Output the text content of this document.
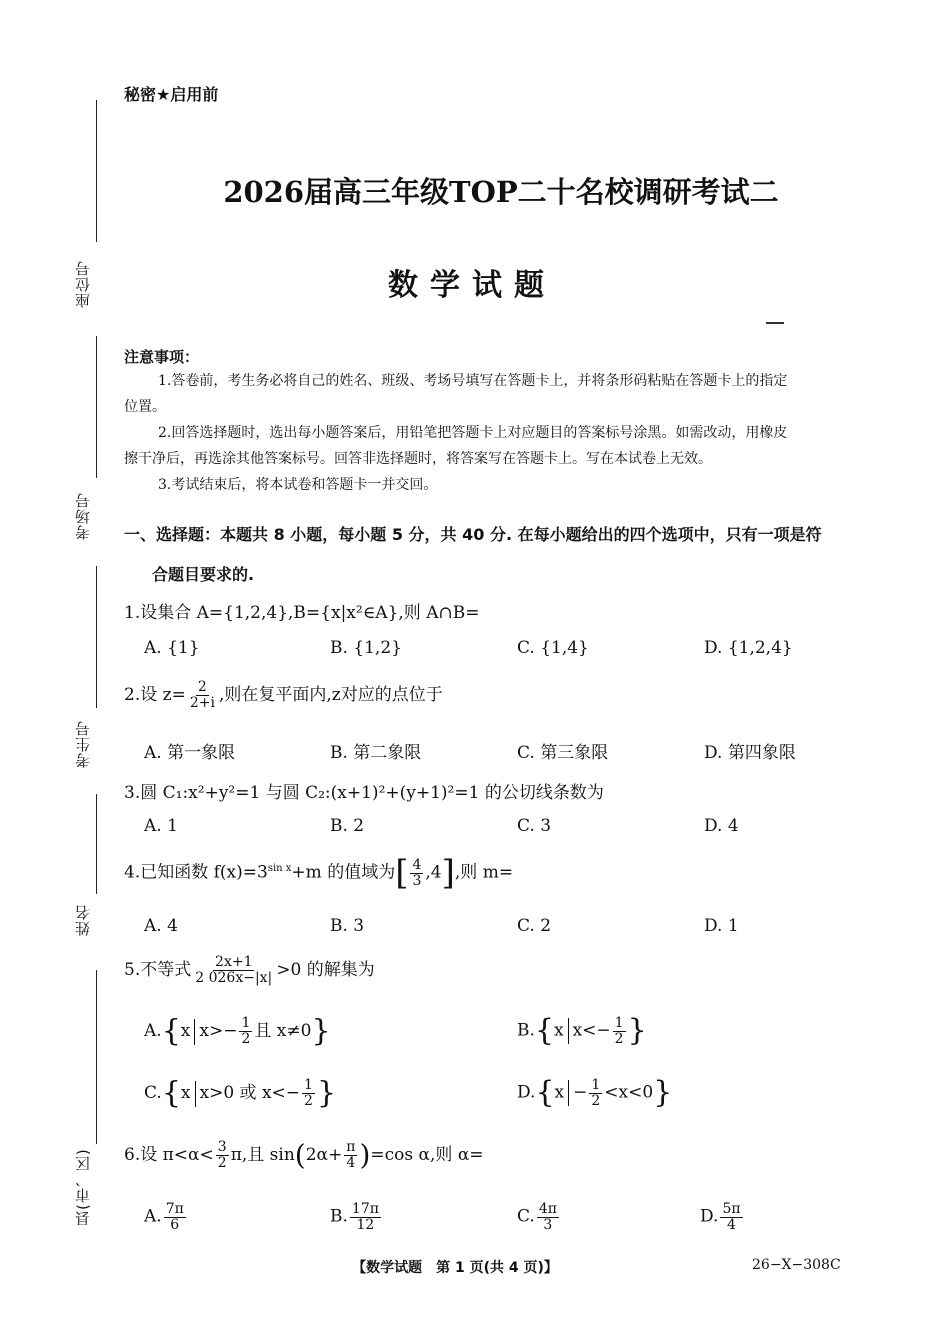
座位号
考场号
考生号
姓名
县(市、区)
秘密★启用前
2026届高三年级TOP二十名校调研考试二
数学试题
注意事项：
1.答卷前，考生务必将自己的姓名、班级、考场号填写在答题卡上，并将条形码粘贴在答题卡上的指定
位置。
2.回答选择题时，选出每小题答案后，用铅笔把答题卡上对应题目的答案标号涂黑。如需改动，用橡皮
擦干净后，再选涂其他答案标号。回答非选择题时，将答案写在答题卡上。写在本试卷上无效。
3.考试结束后，将本试卷和答题卡一并交回。
一、选择题：本题共 8 小题，每小题 5 分，共 40 分. 在每小题给出的四个选项中，只有一项是符
合题目要求的.
1.设集合 A={1,2,4},B={x|x²∈A},则 A∩B=
A. {1}	B. {1,2}	C. {1,4}	D. {1,2,4}
2.设 $z= \frac{2}{2+i}$ ,则在复平面内,z对应的点位于
A. 第一象限	B. 第二象限	C. 第三象限	D. 第四象限
3.圆 C₁:x²+y²=1 与圆 C₂:(x+1)²+(y+1)²=1 的公切线条数为
A. 1	B. 2	C. 3	D. 4
4.已知函数 $f(x)=3^{sin x}+m$ 的值域为[ $\frac{4}{3} ,4$],则 m=
A. 4	B. 3	C. 2	D. 1
5.不等式 $\frac{2x+1}{2 026x-|x|} >0$ 的解集为
A.{x $x>- \frac{1}{2}$ 且 x≠0}	B.{x $x<- \frac{1}{2}$ }
C.{x x>0 或 $x<- \frac{1}{2}$ }	$D.\{x - \frac{1}{2} <x<0\}$
6.设 $\pi<\alpha< \frac{3}{2} \pi$,且 $\sin(2\alpha+ \frac{\pi}{4} )=\cos$ α,则 α=
A. $\frac{7\pi}{6}$	B. $\frac{17\pi}{12}$	C. $\frac{4\pi}{3}$	D. $\frac{5\pi}{4}$
【数学试题　第 1 页(共 4 页)】	26−X−308C
